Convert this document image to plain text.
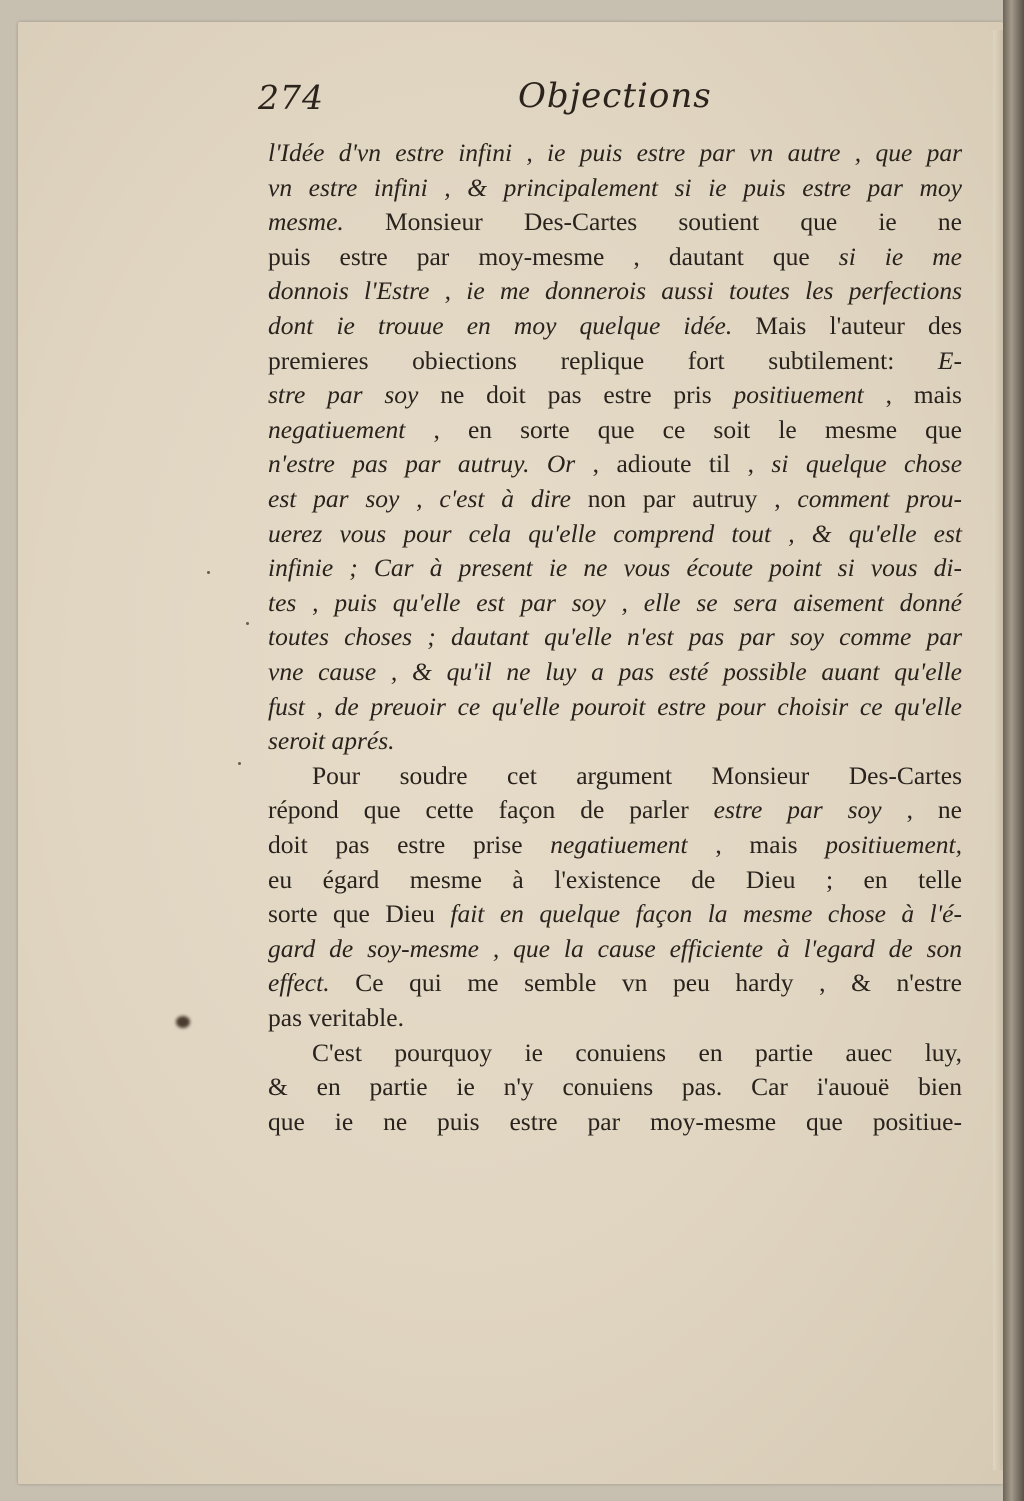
274	Objections
l'Idée d'vn estre infini , ie puis estre par vn autre , que par
vn estre infini , & principalement si ie puis estre par moy
mesme. Monsieur Des-Cartes soutient que ie ne
puis estre par moy-mesme , dautant que si ie me
donnois l'Estre , ie me donnerois aussi toutes les perfections
dont ie trouue en moy quelque idée. Mais l'auteur des
premieres obiections replique fort subtilement: E-
stre par soy ne doit pas estre pris positiuement , mais
negatiuement , en sorte que ce soit le mesme que
n'estre pas par autruy. Or , adioute til , si quelque chose
est par soy , c'est à dire non par autruy , comment prou-
uerez vous pour cela qu'elle comprend tout , & qu'elle est
infinie ; Car à present ie ne vous écoute point si vous di-
tes , puis qu'elle est par soy , elle se sera aisement donné
toutes choses ; dautant qu'elle n'est pas par soy comme par
vne cause , & qu'il ne luy a pas esté possible auant qu'elle
fust , de preuoir ce qu'elle pouroit estre pour choisir ce qu'elle
seroit aprés.
Pour soudre cet argument Monsieur Des-Cartes
répond que cette façon de parler estre par soy , ne
doit pas estre prise negatiuement , mais positiuement,
eu égard mesme à l'existence de Dieu ; en telle
sorte que Dieu fait en quelque façon la mesme chose à l'é-
gard de soy-mesme , que la cause efficiente à l'egard de son
effect. Ce qui me semble vn peu hardy , & n'estre
pas veritable.
C'est pourquoy ie conuiens en partie auec luy,
& en partie ie n'y conuiens pas. Car i'auouë bien
que ie ne puis estre par moy-mesme que positiue-
